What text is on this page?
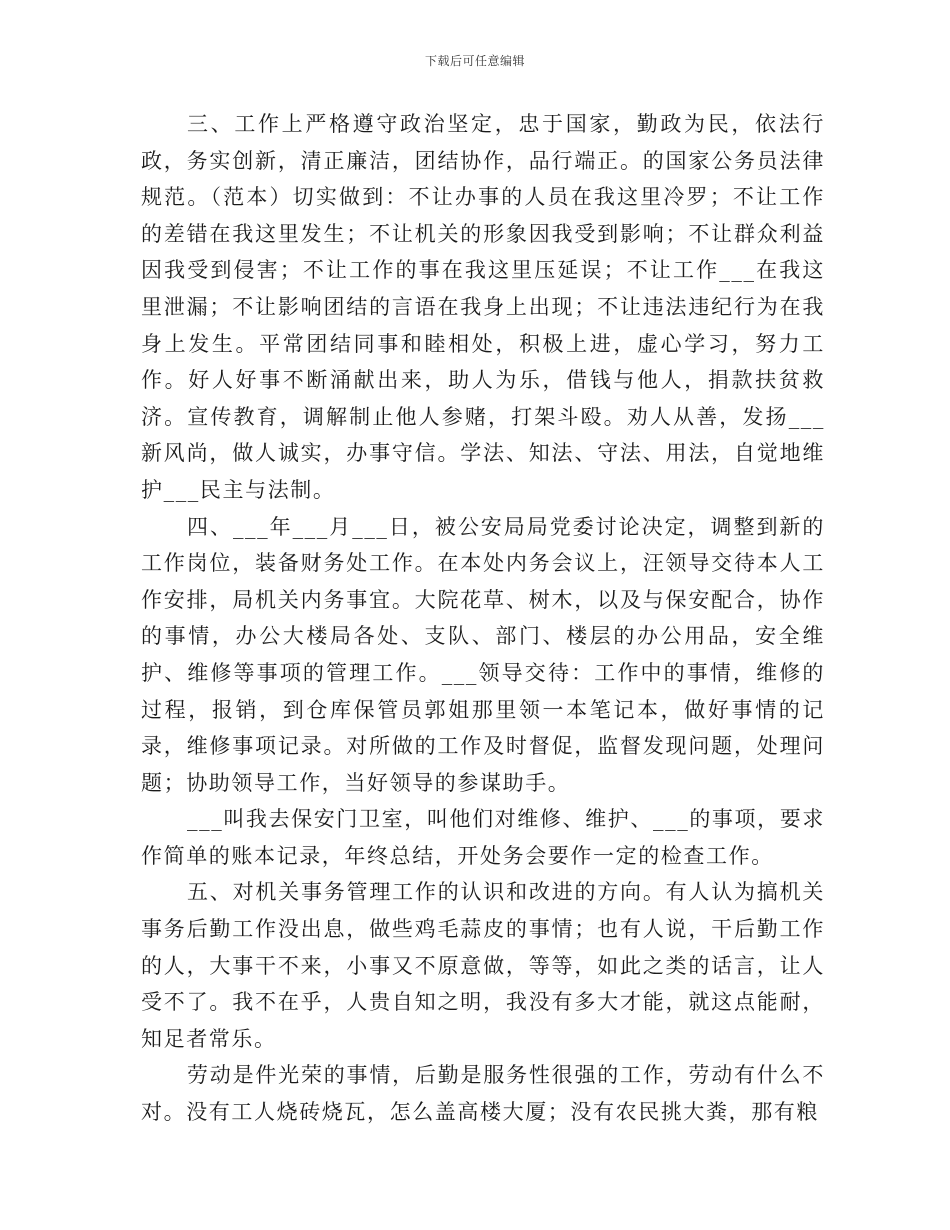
下载后可任意编辑

三、工作上严格遵守政治坚定，忠于国家，勤政为民，依法行政，务实创新，清正廉洁，团结协作，品行端正。的国家公务员法律规范。（范本）切实做到：不让办事的人员在我这里冷罗；不让工作的差错在我这里发生；不让机关的形象因我受到影响；不让群众利益因我受到侵害；不让工作的事在我这里压延误；不让工作___在我这里泄漏；不让影响团结的言语在我身上出现；不让违法违纪行为在我身上发生。平常团结同事和睦相处，积极上进，虚心学习，努力工作。好人好事不断涌献出来，助人为乐，借钱与他人，捐款扶贫救济。宣传教育，调解制止他人参赌，打架斗殴。劝人从善，发扬___新风尚，做人诚实，办事守信。学法、知法、守法、用法，自觉地维护___民主与法制。

四、___年___月___日，被公安局局党委讨论决定，调整到新的工作岗位，装备财务处工作。在本处内务会议上，汪领导交待本人工作安排，局机关内务事宜。大院花草、树木，以及与保安配合，协作的事情，办公大楼局各处、支队、部门、楼层的办公用品，安全维护、维修等事项的管理工作。___领导交待：工作中的事情，维修的过程，报销，到仓库保管员郭姐那里领一本笔记本，做好事情的记录，维修事项记录。对所做的工作及时督促，监督发现问题，处理问题；协助领导工作，当好领导的参谋助手。

___叫我去保安门卫室，叫他们对维修、维护、___的事项，要求作简单的账本记录，年终总结，开处务会要作一定的检查工作。

五、对机关事务管理工作的认识和改进的方向。有人认为搞机关事务后勤工作没出息，做些鸡毛蒜皮的事情；也有人说，干后勤工作的人，大事干不来，小事又不原意做，等等，如此之类的话言，让人受不了。我不在乎，人贵自知之明，我没有多大才能，就这点能耐，知足者常乐。

劳动是件光荣的事情，后勤是服务性很强的工作，劳动有什么不对。没有工人烧砖烧瓦，怎么盖高楼大厦；没有农民挑大粪，那有粮
